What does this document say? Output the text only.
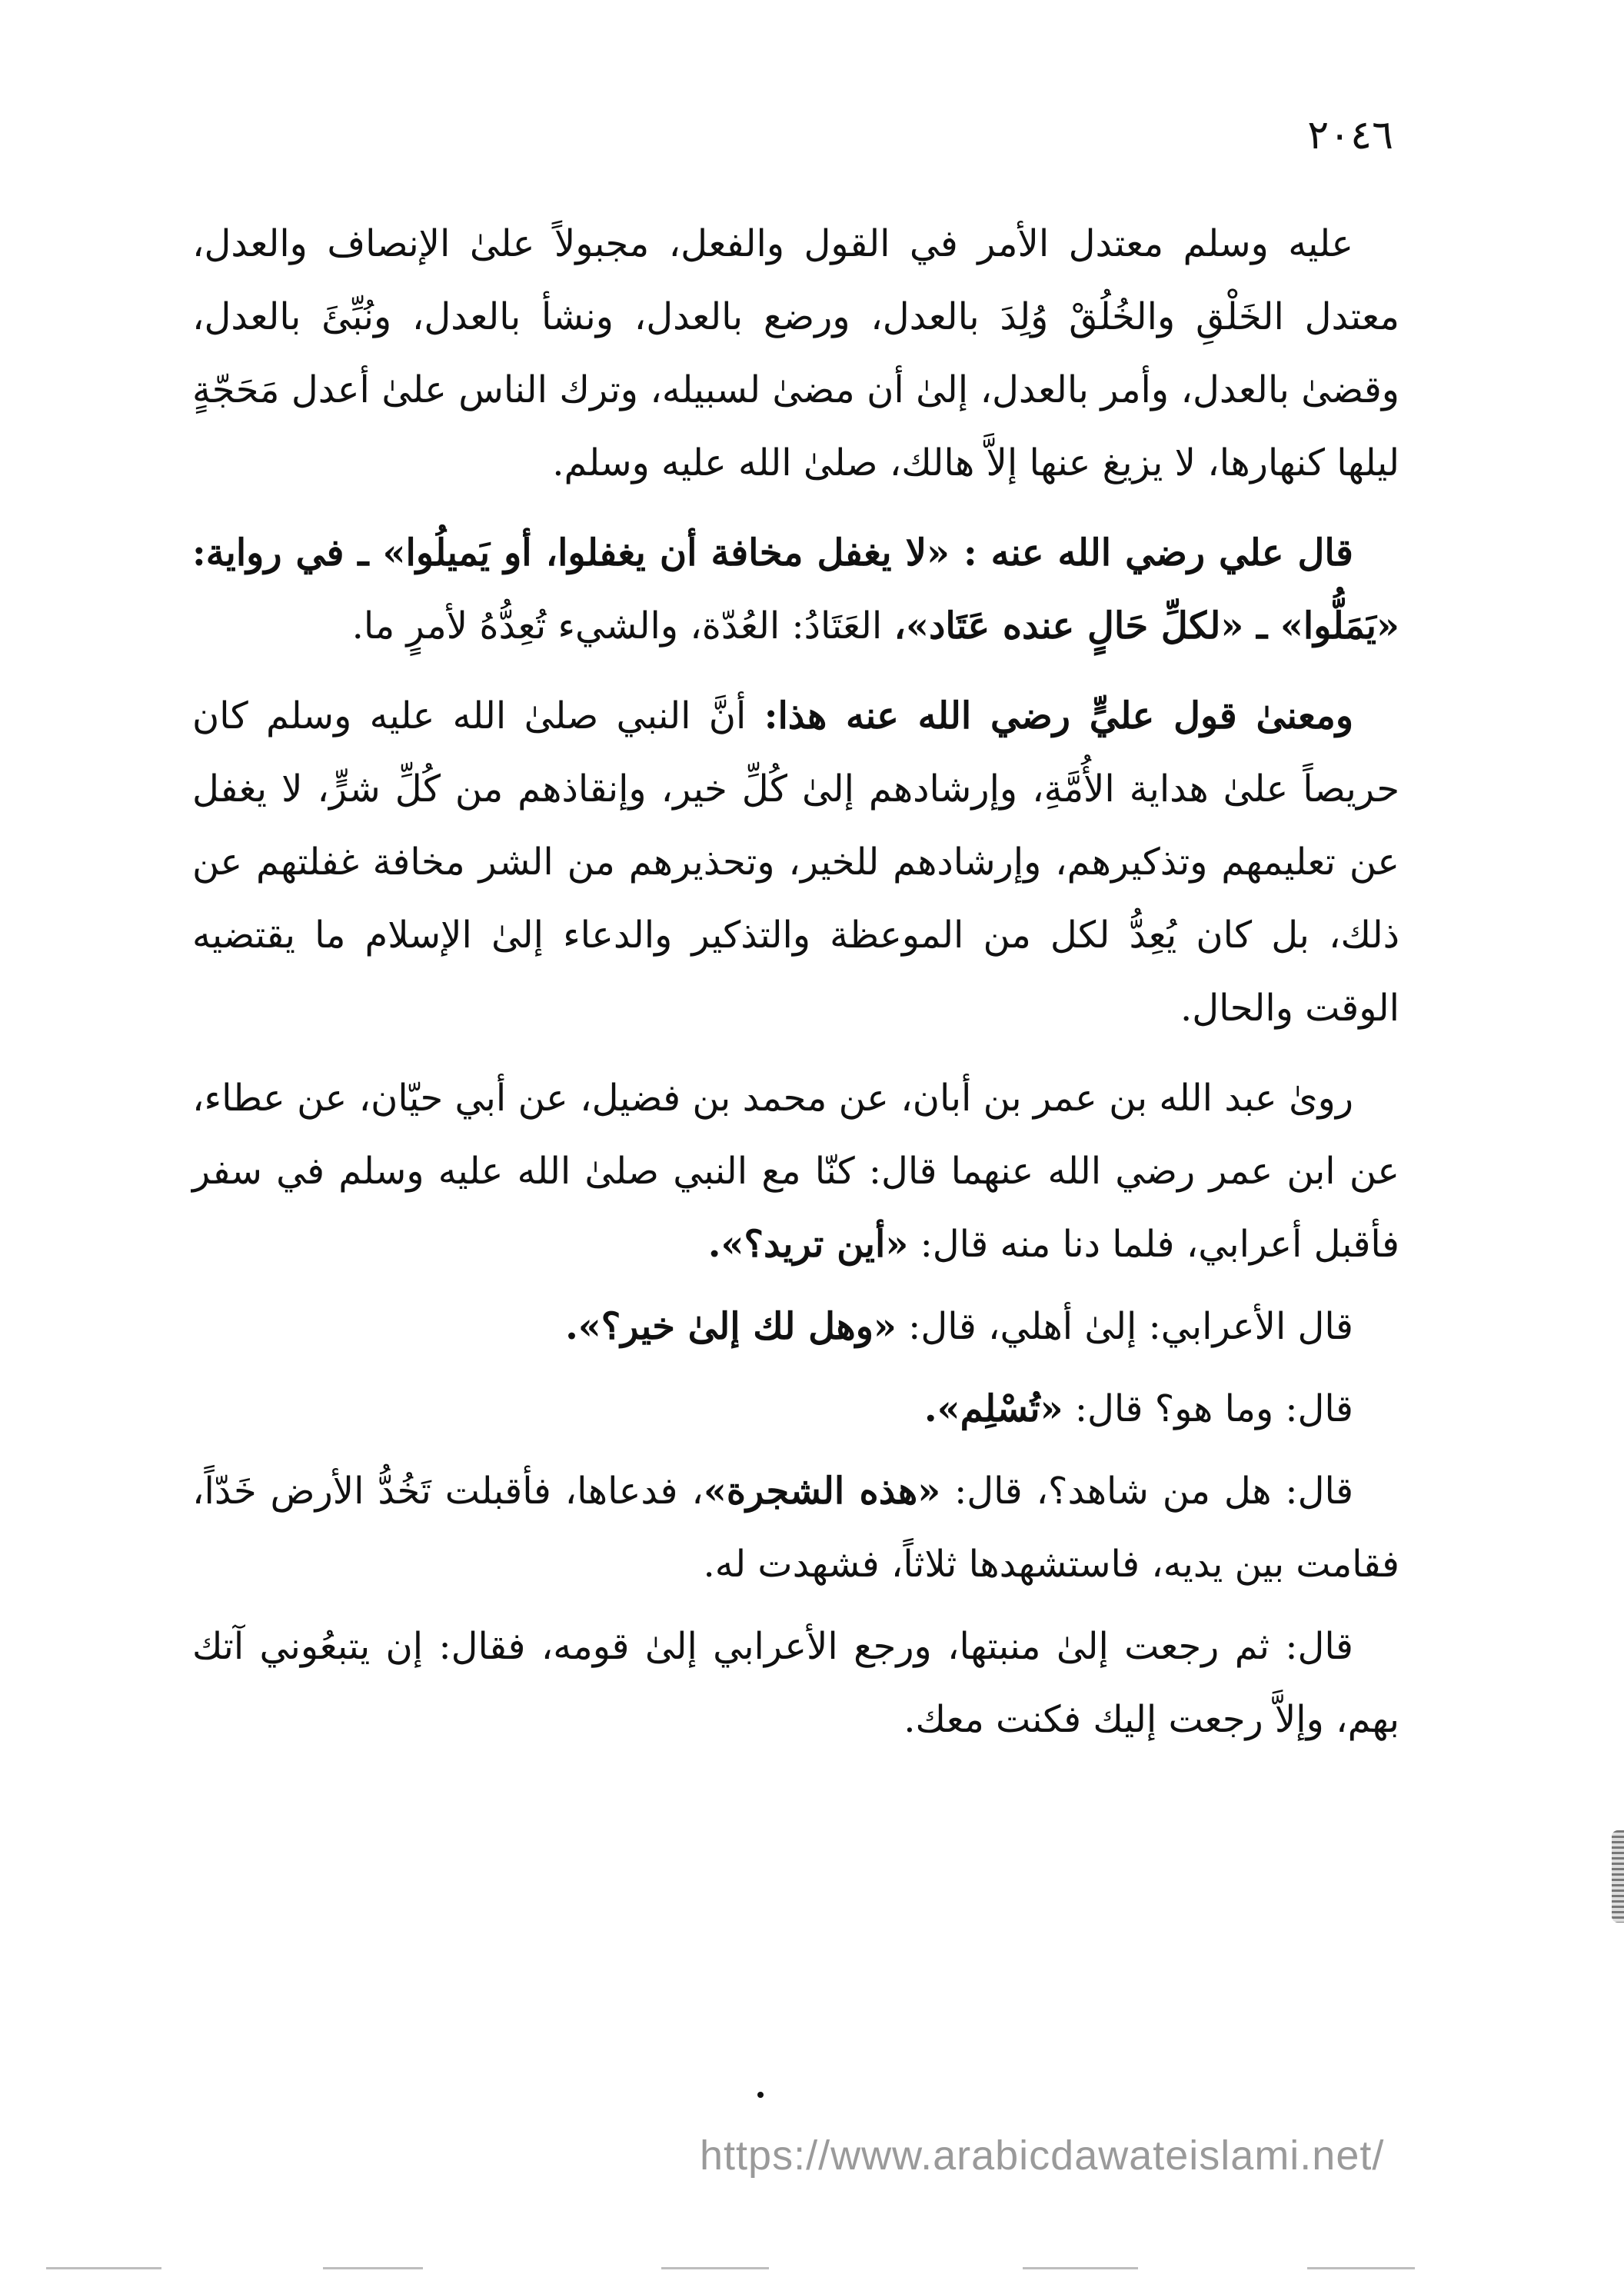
٢٠٤٦

عليه وسلم معتدل الأمر في القول والفعل، مجبولاً علىٰ الإنصاف والعدل، معتدل الخَلْقِ والخُلُقْ وُلِدَ بالعدل، ورضع بالعدل، ونشأ بالعدل، ونُبِّئَ بالعدل، وقضىٰ بالعدل، وأمر بالعدل، إلىٰ أن مضىٰ لسبيله، وترك الناس علىٰ أعدل مَحَجّةٍ ليلها كنهارها، لا يزيغ عنها إلاَّ هالك، صلىٰ الله عليه وسلم.

قال علي رضي الله عنه : «لا يغفل مخافة أن يغفلوا، أو يَميلُوا» ـ في رواية: «يَمَلُّوا» ـ «لكلِّ حَالٍ عنده عَتَاد»، العَتَادُ: العُدّة، والشيء تُعِدُّهُ لأمرٍ ما.

ومعنىٰ قول عليٍّ رضي الله عنه هذا: أنَّ النبي صلىٰ الله عليه وسلم كان حريصاً علىٰ هداية الأُمَّةِ، وإرشادهم إلىٰ كُلِّ خير، وإنقاذهم من كُلِّ شرٍّ، لا يغفل عن تعليمهم وتذكيرهم، وإرشادهم للخير، وتحذيرهم من الشر مخافة غفلتهم عن ذلك، بل كان يُعِدُّ لكل من الموعظة والتذكير والدعاء إلىٰ الإسلام ما يقتضيه الوقت والحال.

رویٰ عبد الله بن عمر بن أبان، عن محمد بن فضيل، عن أبي حيّان، عن عطاء، عن ابن عمر رضي الله عنهما قال: كنّا مع النبي صلىٰ الله عليه وسلم في سفر فأقبل أعرابي، فلما دنا منه قال: «أين تريد؟».

قال الأعرابي: إلىٰ أهلي، قال: «وهل لك إلىٰ خير؟».

قال: وما هو؟ قال: «تُسْلِم».

قال: هل من شاهد؟، قال: «هذه الشجرة»، فدعاها، فأقبلت تَخُدُّ الأرض خَدّاً، فقامت بين يديه، فاستشهدها ثلاثاً، فشهدت له.

قال: ثم رجعت إلىٰ منبتها، ورجع الأعرابي إلىٰ قومه، فقال: إن يتبعُوني آتك بهم، وإلاَّ رجعت إليك فكنت معك.

https://www.arabicdawateislami.net/
